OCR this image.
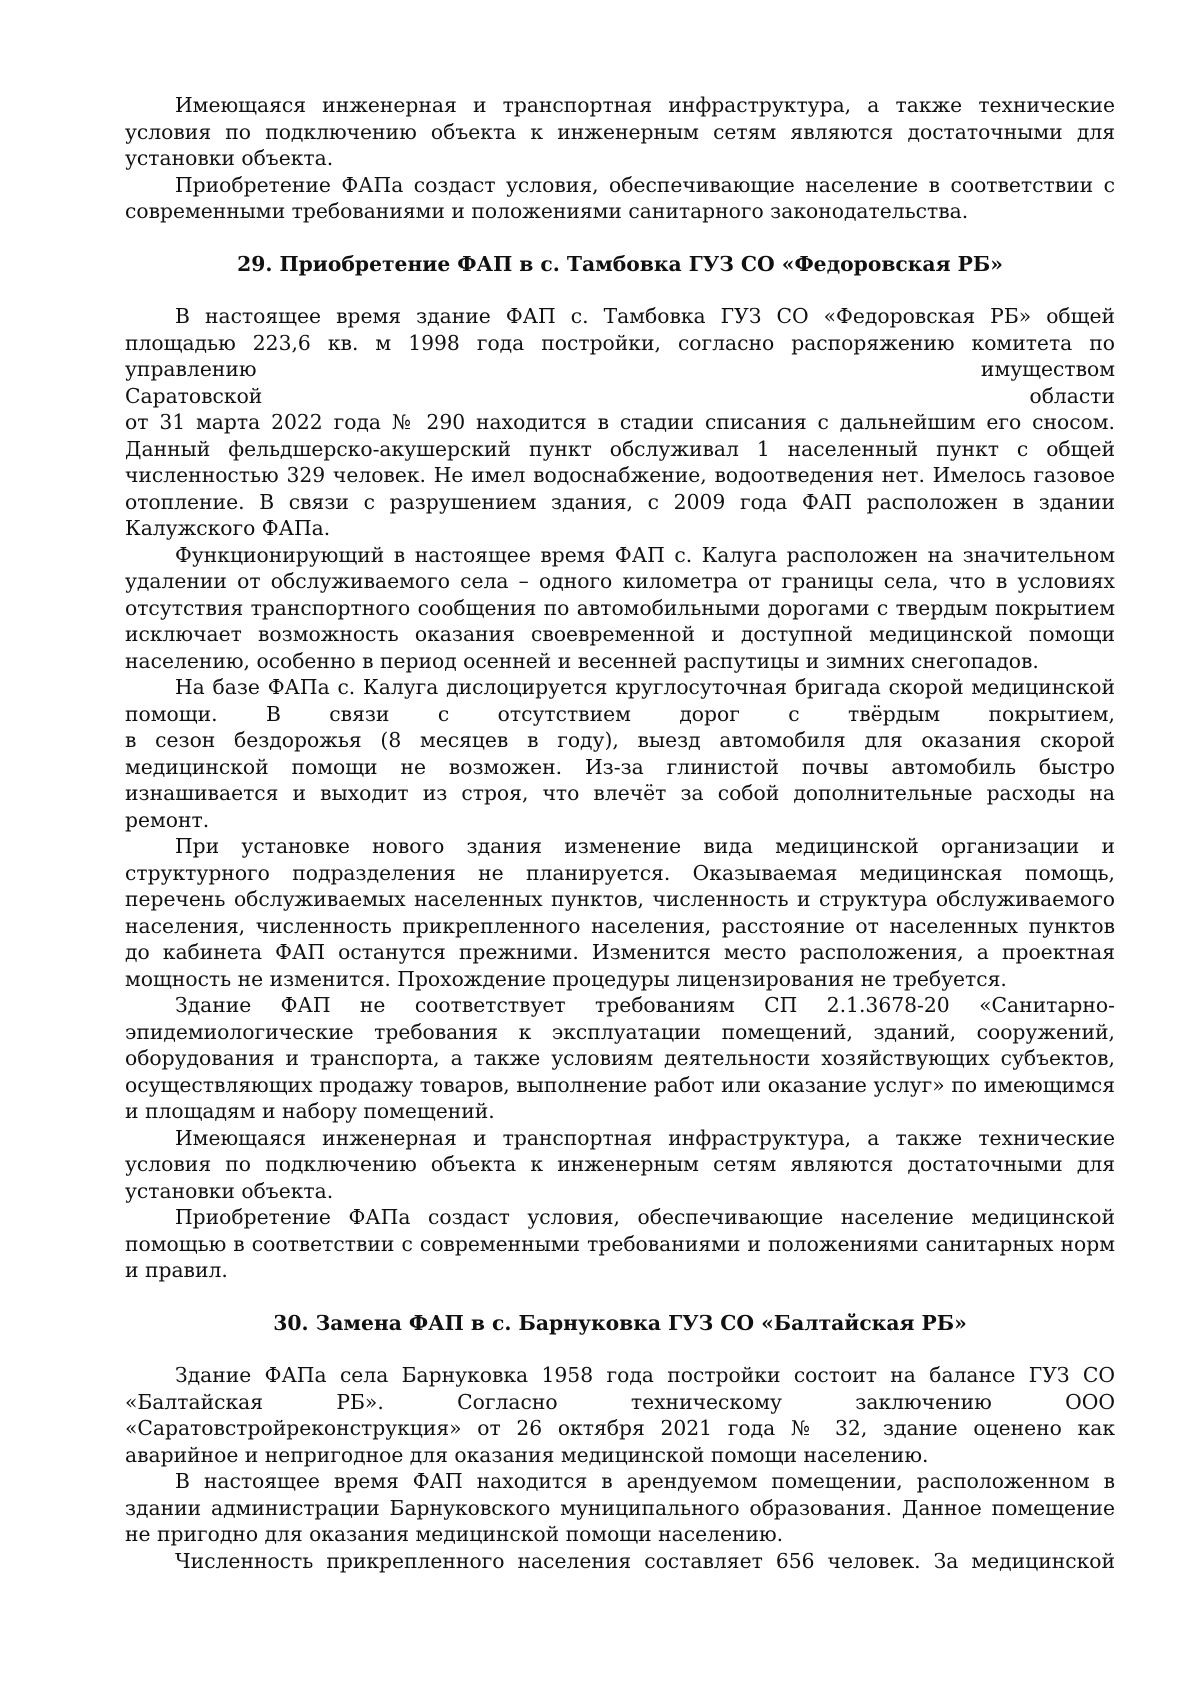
Имеющаяся инженерная и транспортная инфраструктура, а также технические условия по подключению объекта к инженерным сетям являются достаточными для установки объекта.

Приобретение ФАПа создаст условия, обеспечивающие население в соответствии с современными требованиями и положениями санитарного законодательства.

29. Приобретение ФАП в с. Тамбовка ГУЗ СО «Федоровская РБ»

В настоящее время здание ФАП с. Тамбовка ГУЗ СО «Федоровская РБ» общей площадью 223,6 кв. м 1998 года постройки, согласно распоряжению комитета по управлению имуществом

Саратовской области

от 31 марта 2022 года № 290 находится в стадии списания с дальнейшим его сносом. Данный фельдшерско-акушерский пункт обслуживал 1 населенный пункт с общей численностью 329 человек. Не имел водоснабжение, водоотведения нет. Имелось газовое отопление. В связи с разрушением здания, с 2009 года ФАП расположен в здании Калужского ФАПа.

Функционирующий в настоящее время ФАП с. Калуга расположен на значительном удалении от обслуживаемого села – одного километра от границы села, что в условиях отсутствия транспортного сообщения по автомобильными дорогами с твердым покрытием исключает возможность оказания своевременной и доступной медицинской помощи населению, особенно в период осенней и весенней распутицы и зимних снегопадов.

На базе ФАПа с. Калуга дислоцируется круглосуточная бригада скорой медицинской помощи. В связи с отсутствием дорог с твёрдым покрытием,

в сезон бездорожья (8 месяцев в году), выезд автомобиля для оказания скорой медицинской помощи не возможен. Из-за глинистой почвы автомобиль быстро изнашивается и выходит из строя, что влечёт за собой дополнительные расходы на ремонт.

При установке нового здания изменение вида медицинской организации и структурного подразделения не планируется. Оказываемая медицинская помощь, перечень обслуживаемых населенных пунктов, численность и структура обслуживаемого населения, численность прикрепленного населения, расстояние от населенных пунктов до кабинета ФАП останутся прежними. Изменится место расположения, а проектная мощность не изменится. Прохождение процедуры лицензирования не требуется.

Здание ФАП не соответствует требованиям СП 2.1.3678-20 «Санитарно-эпидемиологические требования к эксплуатации помещений, зданий, сооружений, оборудования и транспорта, а также условиям деятельности хозяйствующих субъектов, осуществляющих продажу товаров, выполнение работ или оказание услуг» по имеющимся и площадям и набору помещений.

Имеющаяся инженерная и транспортная инфраструктура, а также технические условия по подключению объекта к инженерным сетям являются достаточными для установки объекта.

Приобретение ФАПа создаст условия, обеспечивающие население медицинской помощью в соответствии с современными требованиями и положениями санитарных норм и правил.

30. Замена ФАП в с. Барнуковка ГУЗ СО «Балтайская РБ»

Здание ФАПа села Барнуковка 1958 года постройки состоит на балансе ГУЗ СО «Балтайская РБ». Согласно техническому заключению ООО «Саратовстройреконструкция» от 26 октября 2021 года № 32, здание оценено как аварийное и непригодное для оказания медицинской помощи населению.

В настоящее время ФАП находится в арендуемом помещении, расположенном в здании администрации Барнуковского муниципального образования. Данное помещение не пригодно для оказания медицинской помощи населению.

Численность прикрепленного населения составляет 656 человек. За медицинской
